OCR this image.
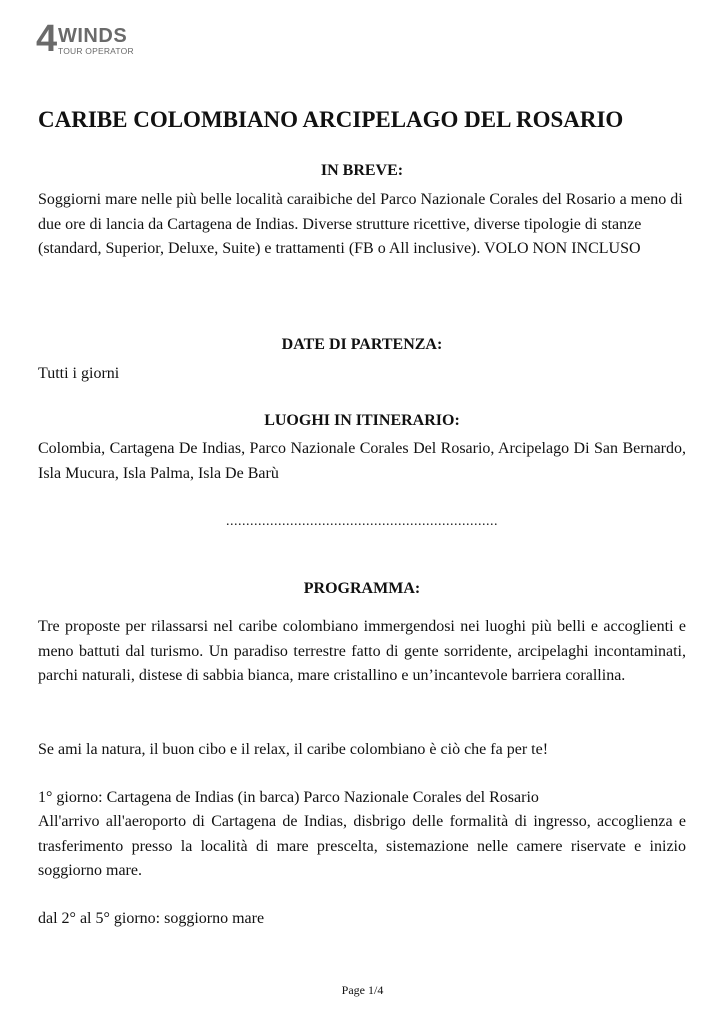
4 WINDS
TOUR OPERATOR
CARIBE COLOMBIANO ARCIPELAGO DEL ROSARIO
IN BREVE:
Soggiorni mare nelle più belle località caraibiche del Parco Nazionale Corales del Rosario a meno di due ore di lancia da Cartagena de Indias. Diverse strutture ricettive, diverse tipologie di stanze (standard, Superior, Deluxe, Suite) e trattamenti (FB o All inclusive). VOLO NON INCLUSO
DATE DI PARTENZA:
Tutti i giorni
LUOGHI IN ITINERARIO:
Colombia, Cartagena De Indias, Parco Nazionale Corales Del Rosario, Arcipelago Di San Bernardo, Isla Mucura, Isla Palma, Isla De Barù
....................................................................
PROGRAMMA:
Tre proposte per rilassarsi nel caribe colombiano immergendosi nei luoghi più belli e accoglienti e meno battuti dal turismo. Un paradiso terrestre fatto di gente sorridente, arcipelaghi incontaminati, parchi naturali, distese di sabbia bianca, mare cristallino e un’incantevole barriera corallina.
Se ami la natura, il buon cibo e il relax, il caribe colombiano è ciò che fa per te!
1° giorno: Cartagena de Indias (in barca) Parco Nazionale Corales del Rosario
All'arrivo all'aeroporto di Cartagena de Indias, disbrigo delle formalità di ingresso, accoglienza e trasferimento presso la località di mare prescelta, sistemazione nelle camere riservate e inizio soggiorno mare.
dal 2° al 5° giorno: soggiorno mare
Page 1/4
